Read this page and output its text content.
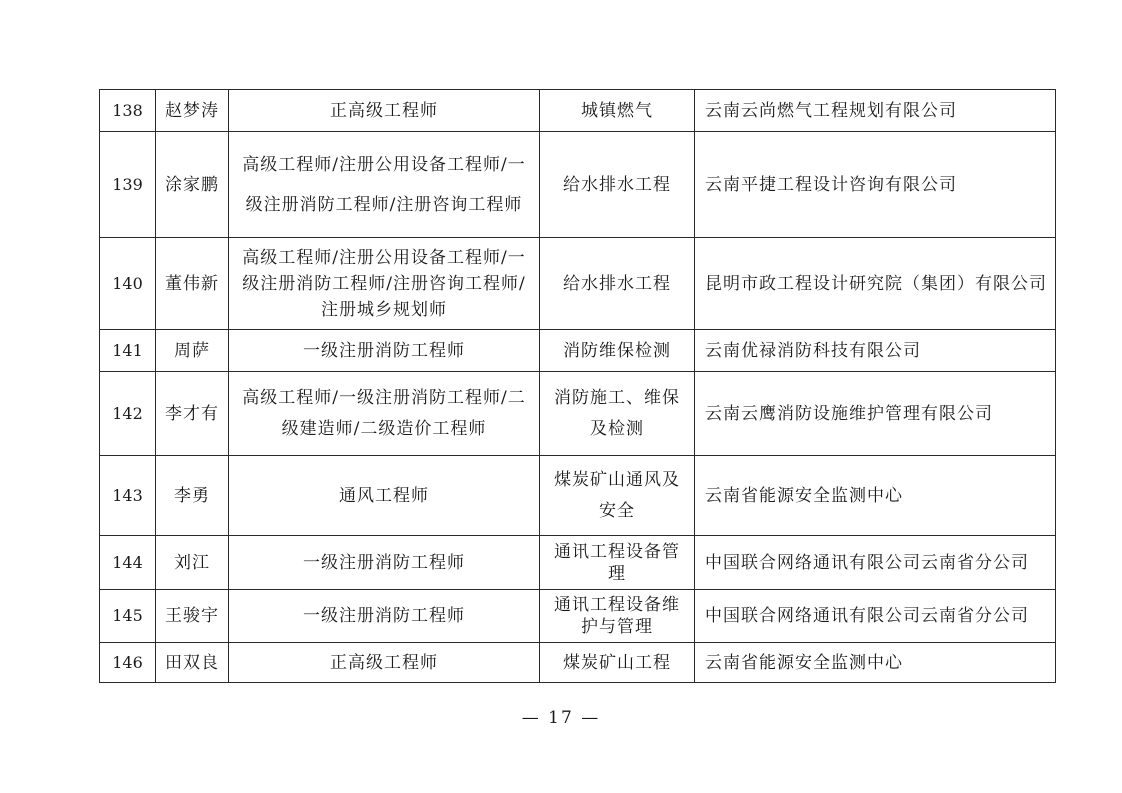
138	赵梦涛	正高级工程师	城镇燃气	云南云尚燃气工程规划有限公司
139	涂家鹏	高级工程师/注册公用设备工程师/一级注册消防工程师/注册咨询工程师	给水排水工程	云南平捷工程设计咨询有限公司
140	董伟新	高级工程师/注册公用设备工程师/一级注册消防工程师/注册咨询工程师/注册城乡规划师	给水排水工程	昆明市政工程设计研究院（集团）有限公司
141	周萨	一级注册消防工程师	消防维保检测	云南优禄消防科技有限公司
142	李才有	高级工程师/一级注册消防工程师/二级建造师/二级造价工程师	消防施工、维保及检测	云南云鹰消防设施维护管理有限公司
143	李勇	通风工程师	煤炭矿山通风及安全	云南省能源安全监测中心
144	刘江	一级注册消防工程师	通讯工程设备管理	中国联合网络通讯有限公司云南省分公司
145	王骏宇	一级注册消防工程师	通讯工程设备维护与管理	中国联合网络通讯有限公司云南省分公司
146	田双良	正高级工程师	煤炭矿山工程	云南省能源安全监测中心
— 17 —
